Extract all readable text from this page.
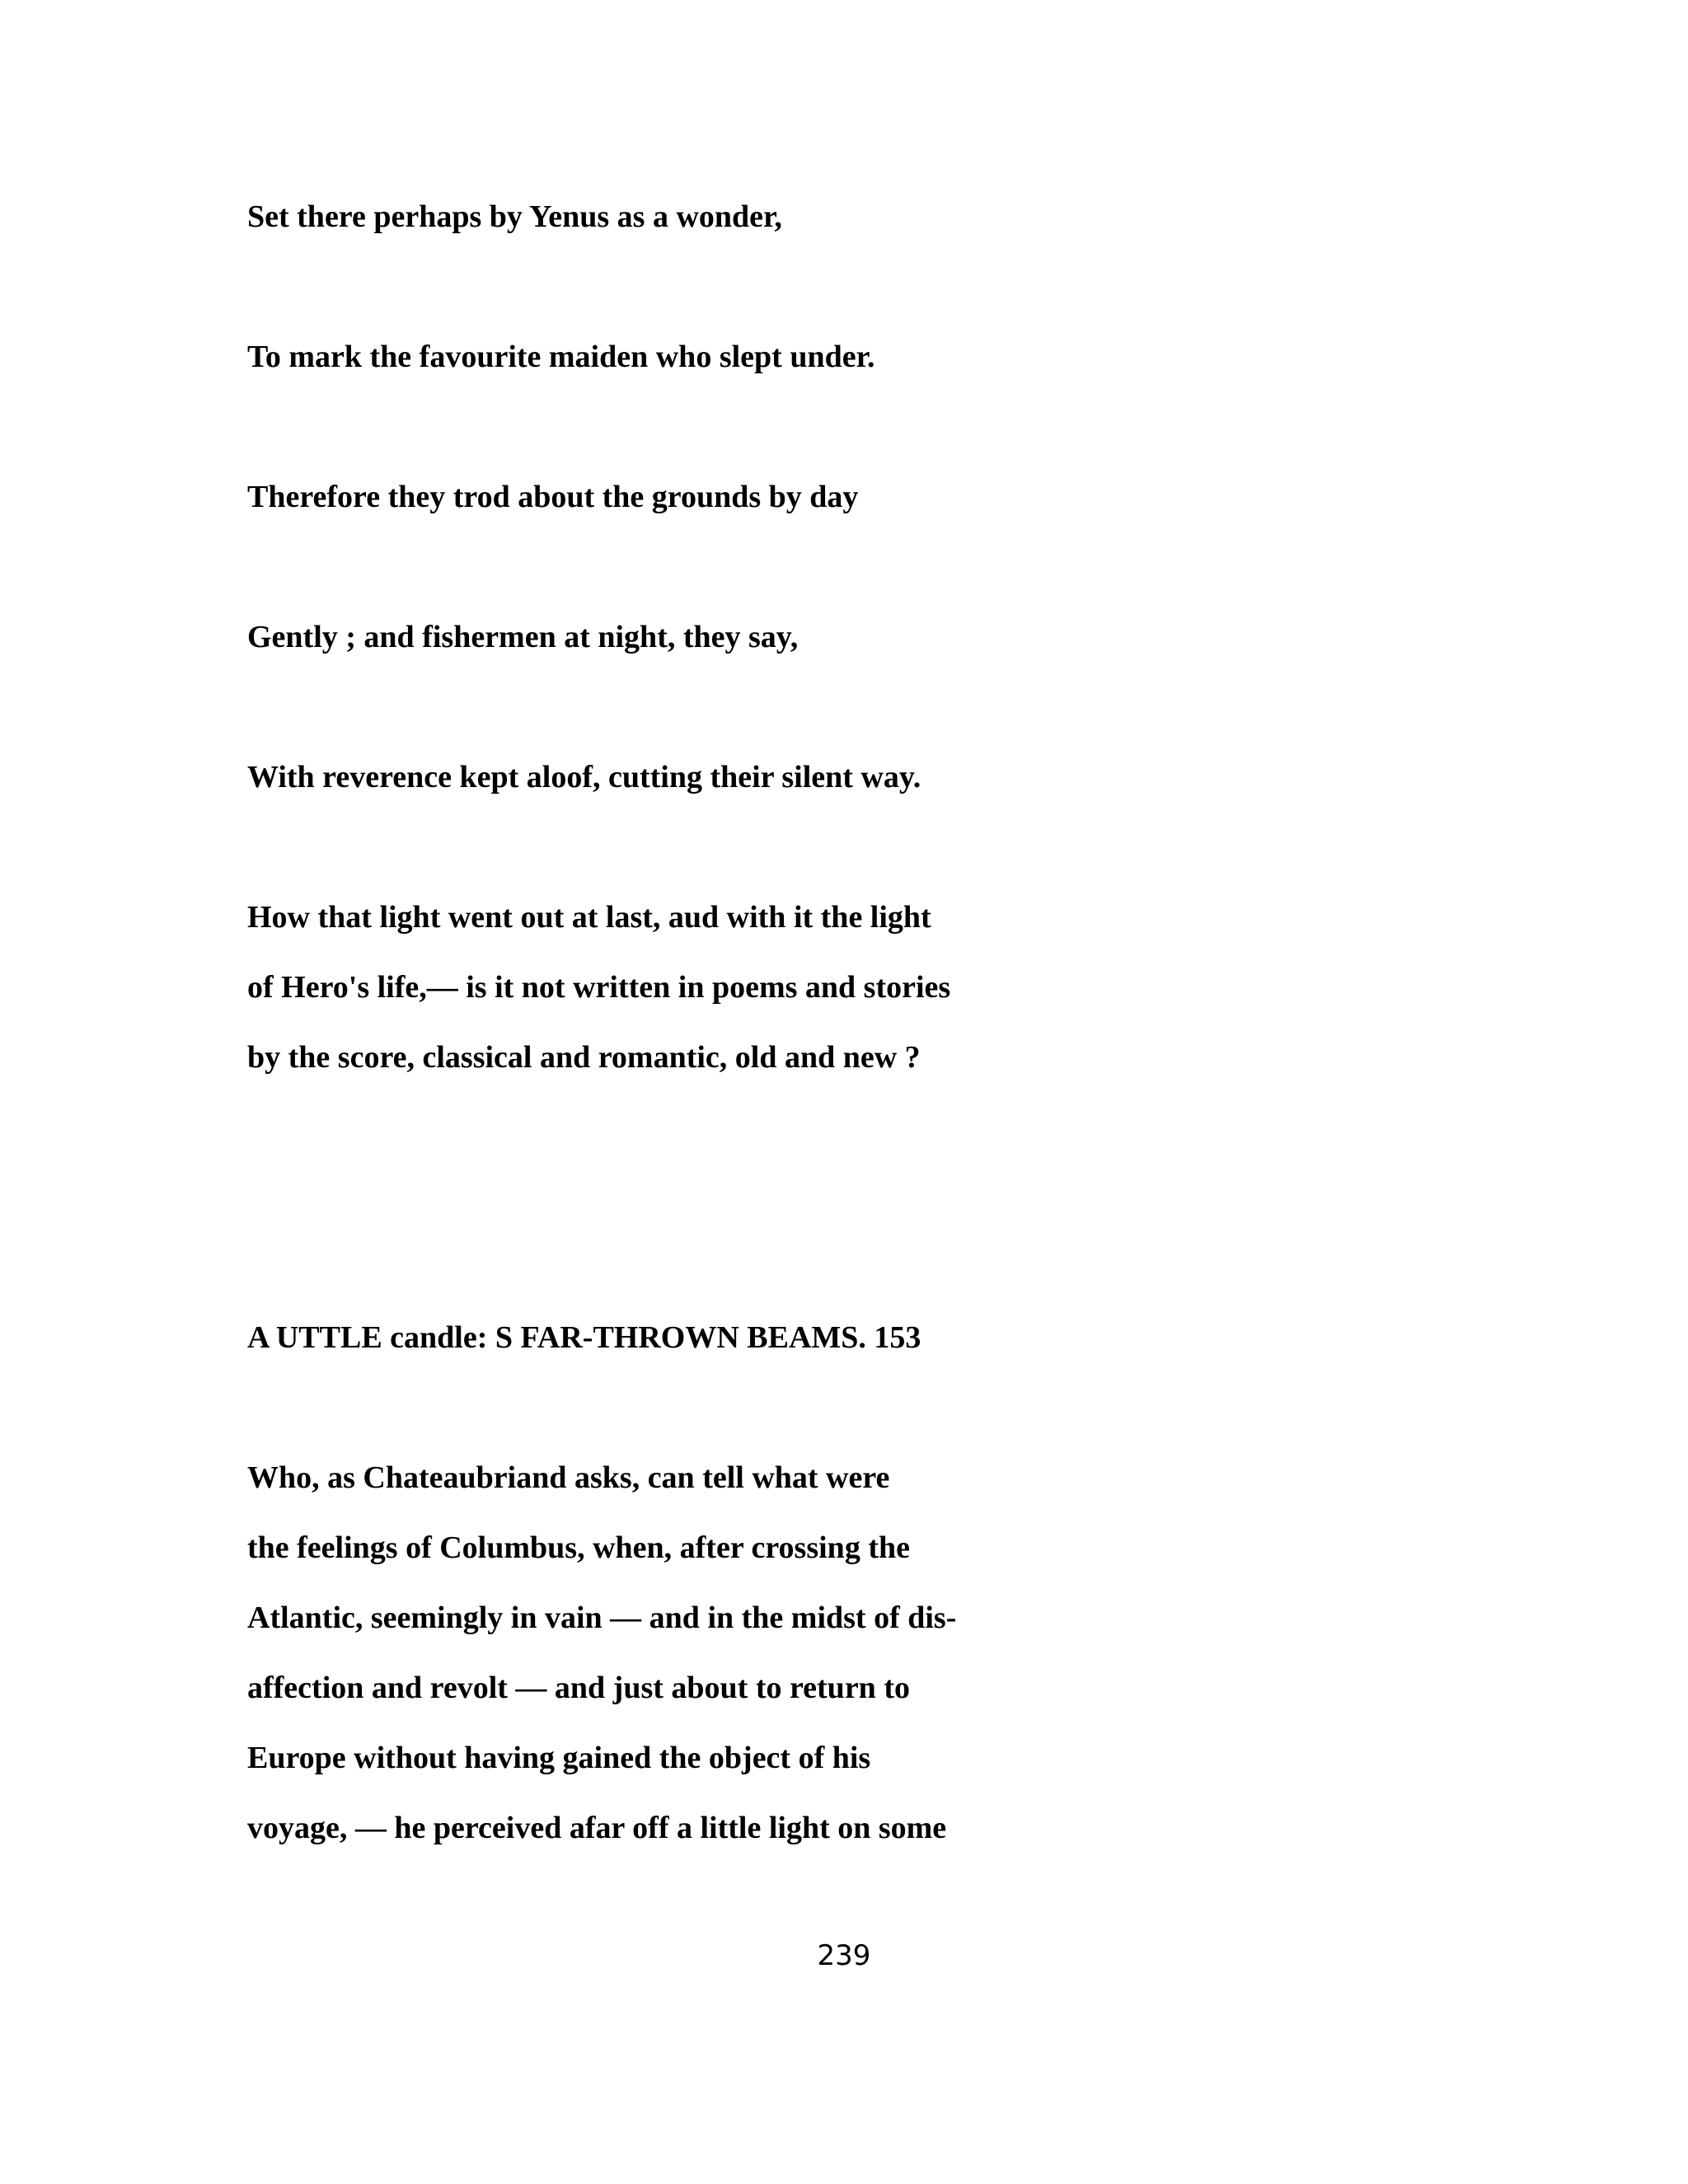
Set there perhaps by Yenus as a wonder,

To mark the favourite maiden who slept under.

Therefore they trod about the grounds by day

Gently ; and fishermen at night, they say,

With reverence kept aloof, cutting their silent way.

How that light went out at last, aud with it the light

of Hero's life,— is it not written in poems and stories

by the score, classical and romantic, old and new ?

A UTTLE candle: S FAR-THROWN BEAMS. 153

Who, as Chateaubriand asks, can tell what were

the feelings of Columbus, when, after crossing the

Atlantic, seemingly in vain — and in the midst of dis-

affection and revolt — and just about to return to

Europe without having gained the object of his

voyage, — he perceived afar off a little light on some

239
